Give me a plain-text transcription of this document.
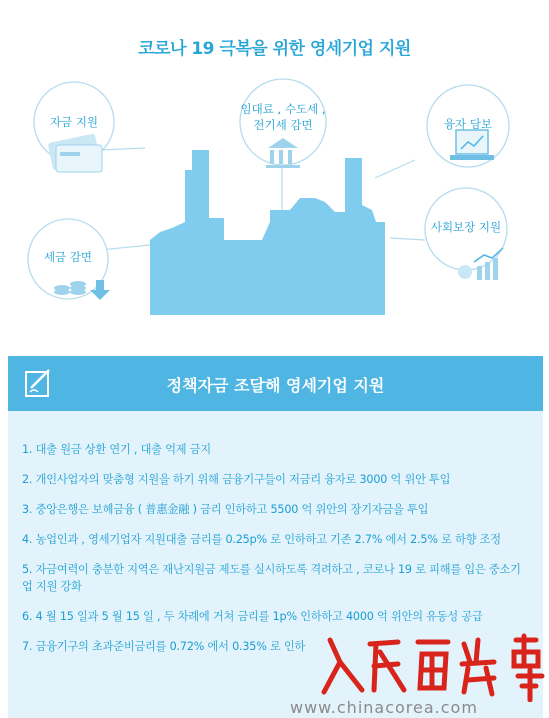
코로나 19 극복을 위한 영세기업 지원
자금 지원
임대료 , 수도세 ,
전기세 감면	융자 담보
세금 감면
사회보장 지원
정책자금 조달해 영세기업 지원
1. 대출 원금 상환 연기 , 대출 억제 금지
2. 개인사업자의 맞춤형 지원을 하기 위해 금융기구들이 저금리 융자로 3000 억 위안 투입
3. 중앙은행은 보혜금융 ( 普惠金融 ) 금리 인하하고 5500 억 위안의 장기자금을 투입
4. 농업인과 , 영세기업자 지원대출 금리를 0.25p% 로 인하하고 기존 2.7% 에서 2.5% 로 하향 조정
5. 자금여력이 충분한 지역은 재난지원금 제도를 실시하도록 격려하고 , 코로나 19 로 피해를 입은 중소기업 지원 강화
6. 4 월 15 일과 5 월 15 일 , 두 차례에 거쳐 금리를 1p% 인하하고 4000 억 위안의 유동성 공급
7. 금융기구의 초과준비금리를 0.72% 에서 0.35% 로 인하
www.chinacorea.com
